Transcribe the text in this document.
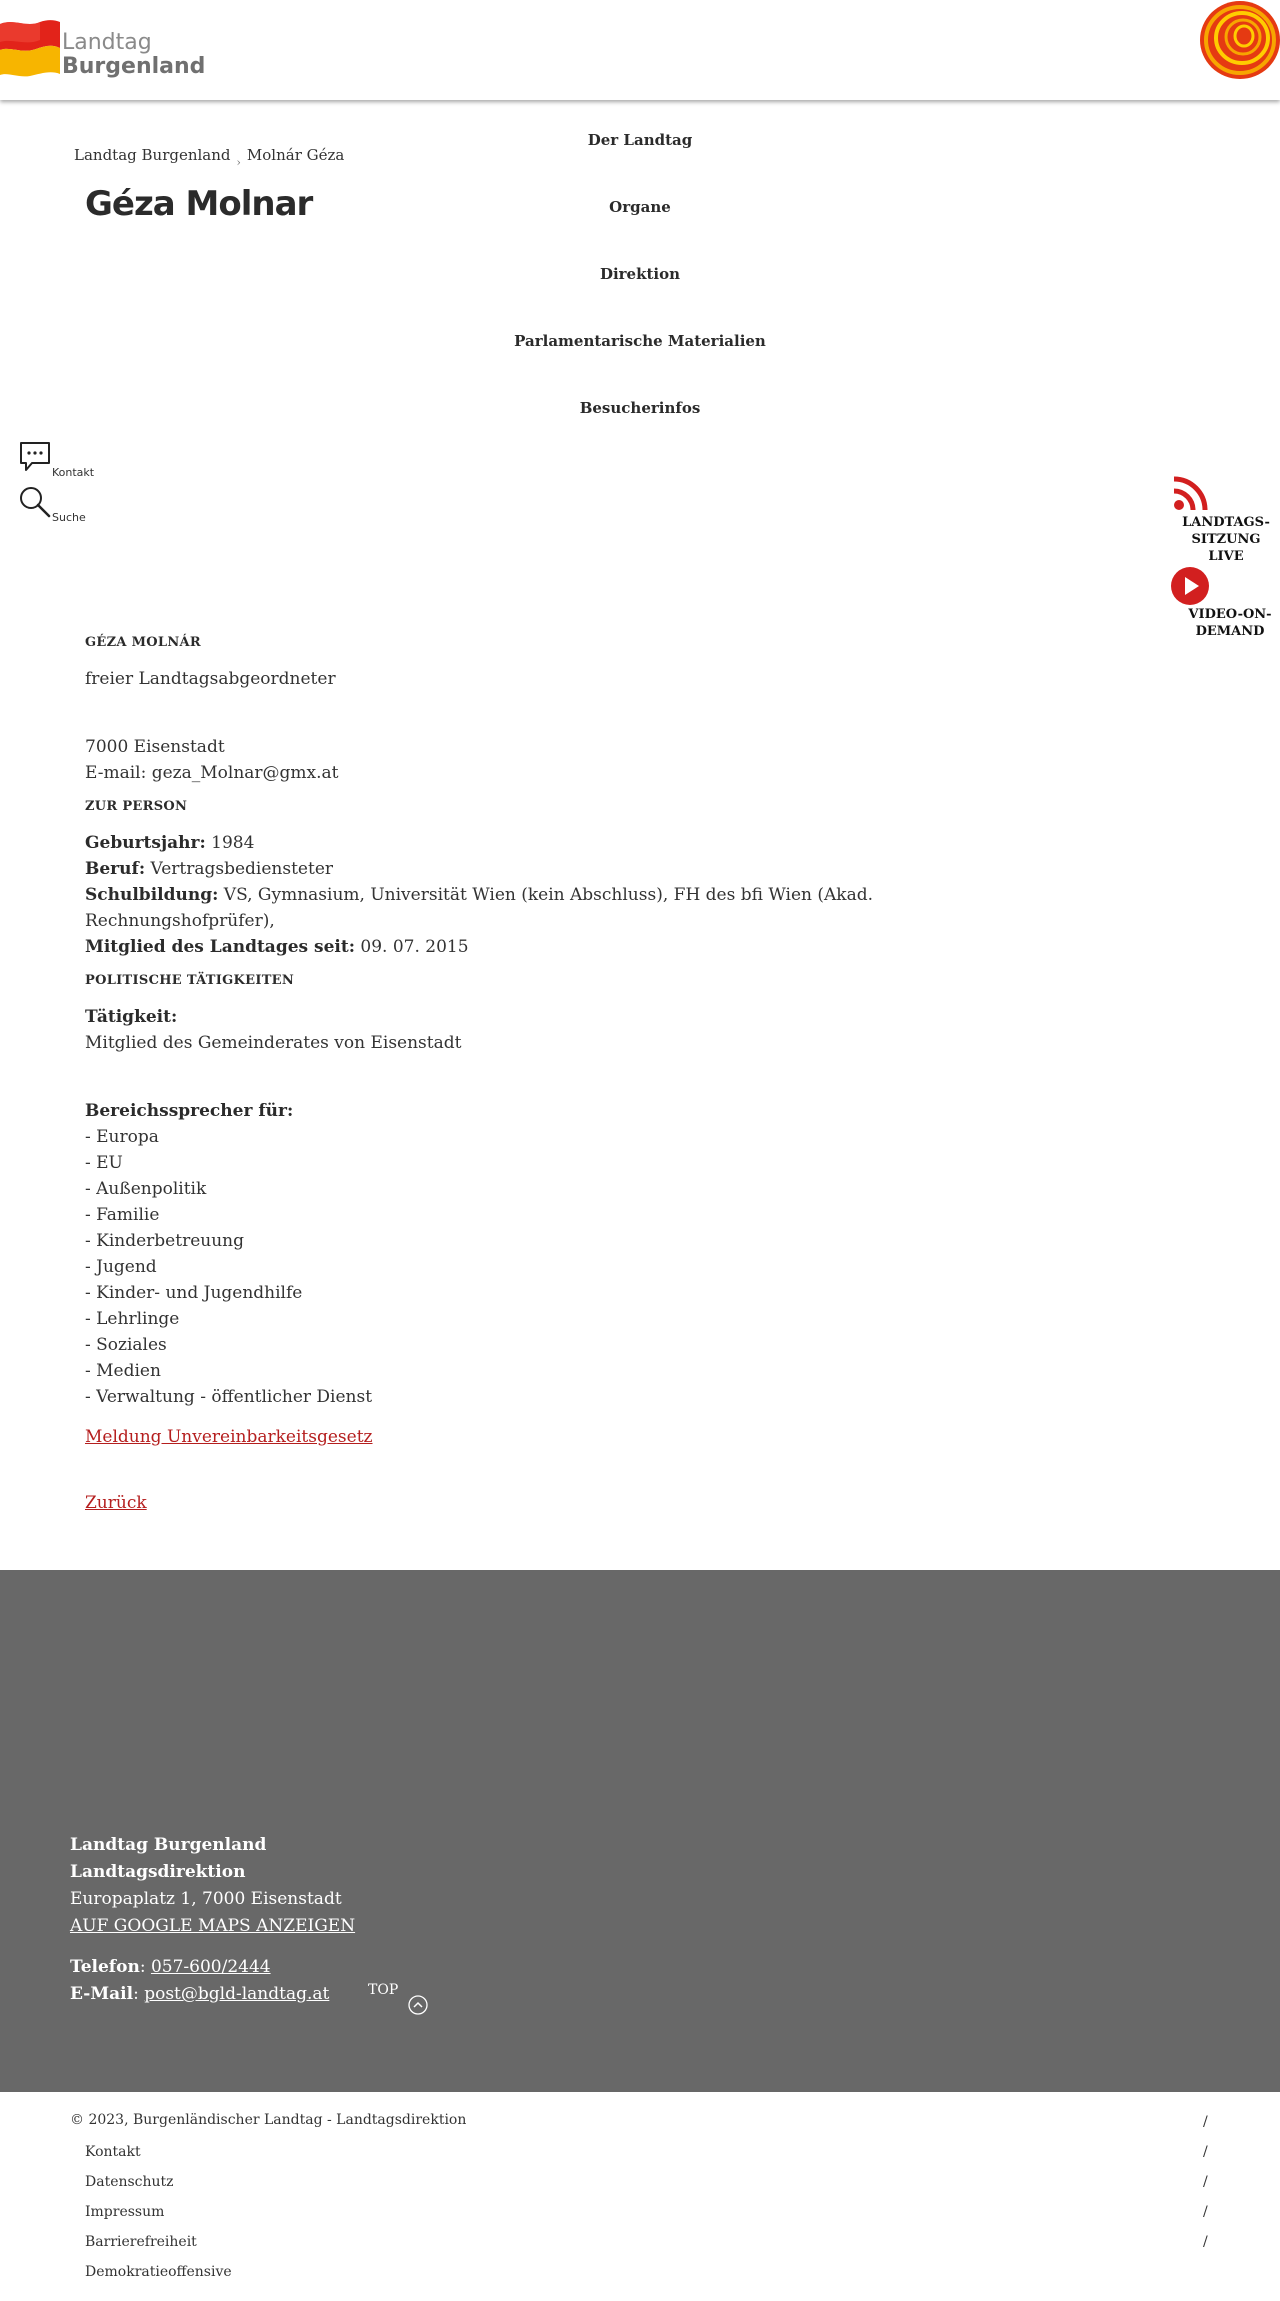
Landtag
Burgenland
Landtag Burgenland $_›$ Molnár Géza
Géza Molnar
Der Landtag
Organe
Direktion
Parlamentarische Materialien
Besucherinfos
Kontakt
Suche	LANDTAGS-
SITZUNG LIVE
VIDEO-ON-
DEMAND
GÉZA MOLNÁR
freier Landtagsabgeordneter
7000 Eisenstadt
E-mail: geza_Molnar@gmx.at
ZUR PERSON
Geburtsjahr: 1984
Beruf: Vertragsbediensteter
Schulbildung: VS, Gymnasium, Universität Wien (kein Abschluss), FH des bfi Wien (Akad. Rechnungshofprüfer),
Mitglied des Landtages seit: 09. 07. 2015
POLITISCHE TÄTIGKEITEN
Tätigkeit:
Mitglied des Gemeinderates von Eisenstadt
Bereichssprecher für:
- Europa
- EU
- Außenpolitik
- Familie
- Kinderbetreuung
- Jugend
- Kinder- und Jugendhilfe
- Lehrlinge
- Soziales
- Medien
- Verwaltung - öffentlicher Dienst
Meldung Unvereinbarkeitsgesetz
Zurück
Landtag Burgenland
Landtagsdirektion
Europaplatz 1, 7000 Eisenstadt
AUF GOOGLE MAPS ANZEIGEN
Telefon: 057-600/2444
E-Mail: post@bgld-landtag.at	TOP
© 2023, Burgenländischer Landtag - Landtagsdirektion
Kontakt
Datenschutz
Impressum
Barrierefreiheit
Demokratieoffensive
/
/
/
/
/
